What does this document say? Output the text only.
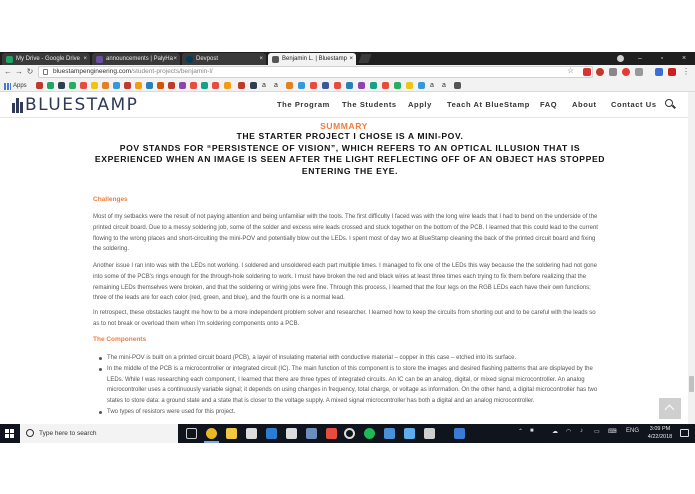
My Drive - Google Drive ×	announcements | PalyHa ×	Devpost	×	Benjamin L. | Bluestamp ×	–	▫	×
← → ↻	bluestampengineering.com/student-projects/benjamin-l/	☆	⋮
Apps	a a	a a
BLUESTAMP	The Program The Students Apply Teach At BlueStamp FAQ About Contact Us
SUMMARY
THE STARTER PROJECT I CHOSE IS A MINI-POV.
POV STANDS FOR “PERSISTENCE OF VISION”, WHICH REFERS TO AN OPTICAL ILLUSION THAT IS
EXPERIENCED WHEN AN IMAGE IS SEEN AFTER THE LIGHT REFLECTING OFF OF AN OBJECT HAS STOPPED
ENTERING THE EYE.
Challenges

Most of my setbacks were the result of not paying attention and being unfamiliar with the tools. The first difficulty I faced was with the long wire leads that I had to bend on the underside of the printed circuit board. Due to a messy soldering job, some of the solder and excess wire leads crossed and stuck together on the bottom of the PCB. I learned that this could lead to the current flowing to the wrong places and short-circuiting the mini-POV and potentially blow out the LEDs. I spent most of day two at BlueStamp cleaning the back of the printed circuit board and fixing the soldering.

Another issue I ran into was with the LEDs not working. I soldered and unsoldered each part multiple times. I managed to fix one of the LEDs this way because the the soldering had not gone into some of the PCB's rings enough for the through-hole soldering to work. I must have broken the red and black wires at least three times each trying to fix them before realizing that the remaining LEDs themselves were broken, and that the soldering or wiring jobs were fine. Through this process, I learned that the four legs on the RGB LEDs each have their own functions; three of the leads are for each color (red, green, and blue), and the fourth one is a normal lead.

In retrospect, these obstacles taught me how to be a more independent problem solver and researcher. I learned how to keep the circuits from shorting out and to be careful with the leads so as to not break or overload them when I'm soldering components onto a PCB.

The Components
The mini-POV is built on a printed circuit board (PCB), a layer of insulating material with conductive material – copper in this case – etched into its surface.
In the middle of the PCB is a microcontroller or integrated circuit (IC). The main function of this component is to store the images and desired flashing patterns that are displayed by the LEDs. While I was researching each component, I learned that there are three types of integrated circuits. An IC can be an analog, digital, or mixed signal microcontroller. An analog microcontroller uses a continuously variable signal; it depends on using changes in frequency, total charge, or voltage as information. On the other hand, a digital microcontroller has two states to store data: a ground state and a state that is closer to the voltage supply. A mixed signal microcontroller has both a digital and an analog microcontroller.
Two types of resistors were used for this project.
Type here to search	⌃ ■	☁ ◠ ♪ ▭ ⌨ ENG	3:09 PM
4/22/2018
